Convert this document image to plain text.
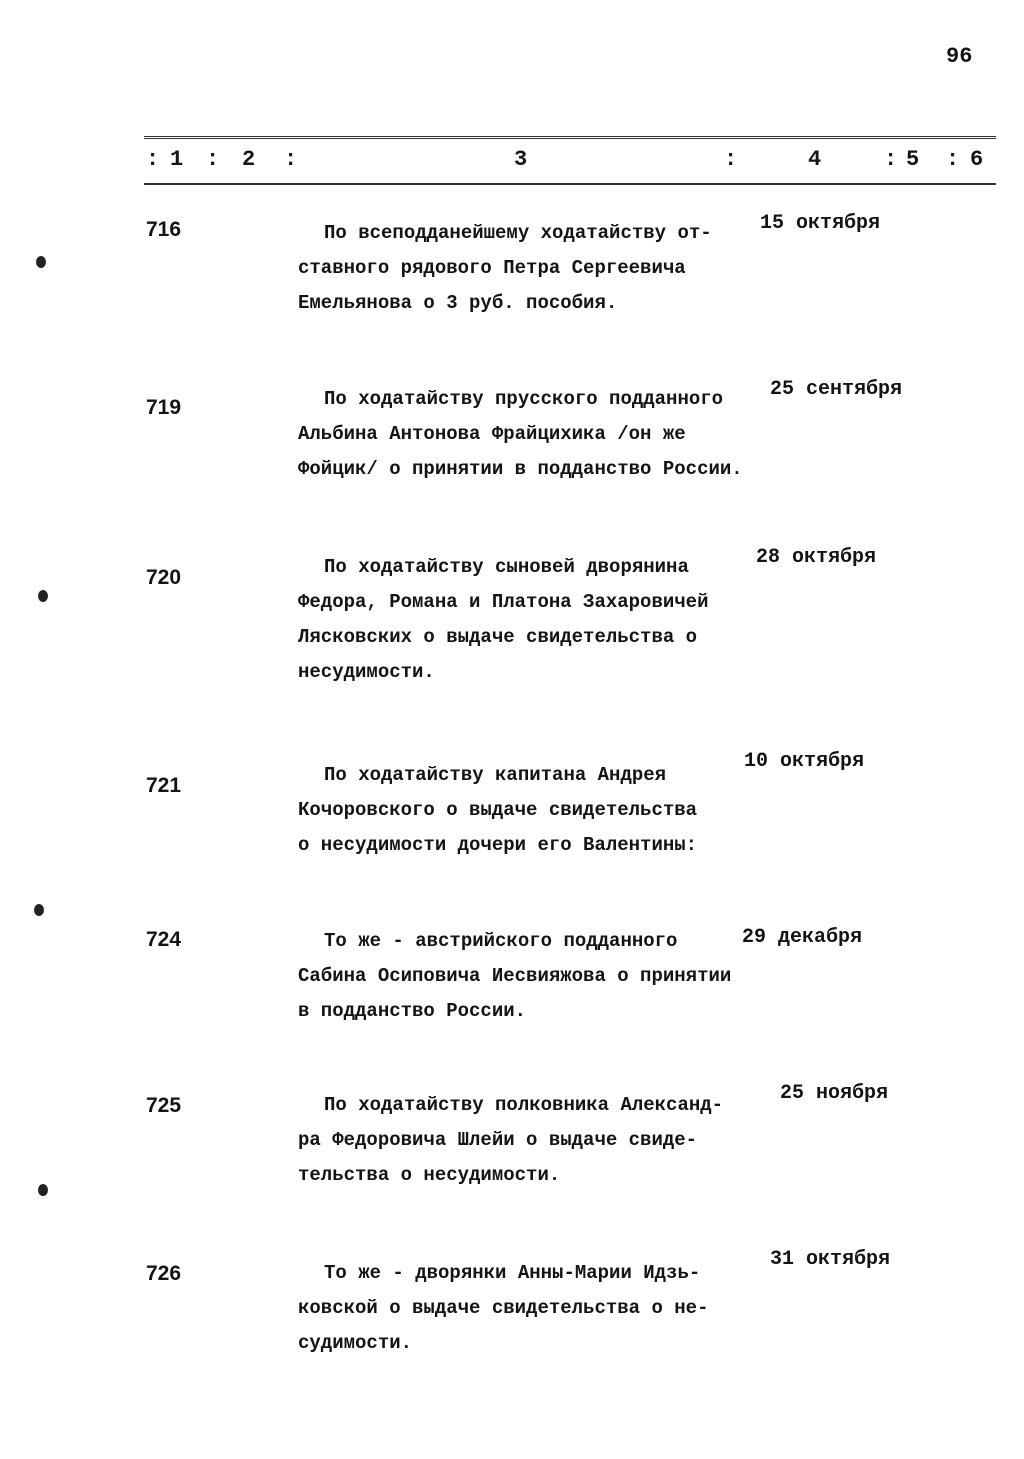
96
: 1 : 2 :	3	:	4	: 5 : 6
716	По всеподданейшему ходатайству от-
ставного рядового Петра Сергеевича
Емельянова о 3 руб. пособия.
15 октября
719	По ходатайству прусского подданного
Альбина Антонова Фрайцихика /он же
Фойцик/ о принятии в подданство России.
25 сентября
720	По ходатайству сыновей дворянина
Федора, Романа и Платона Захаровичей
Лясковских о выдаче свидетельства о
несудимости.
28 октября
721	По ходатайству капитана Андрея
Кочоровского о выдаче свидетельства
о несудимости дочери его Валентины:
10 октября
724	То же - австрийского подданного
Сабина Осиповича Иесвияжова о принятии
в подданство России.
29 декабря
725	По ходатайству полковника Александ-
ра Федоровича Шлейи о выдаче свиде-
тельства о несудимости.
25 ноября
726	То же - дворянки Анны-Марии Идзь-
ковской о выдаче свидетельства о не-
судимости.
31 октября
